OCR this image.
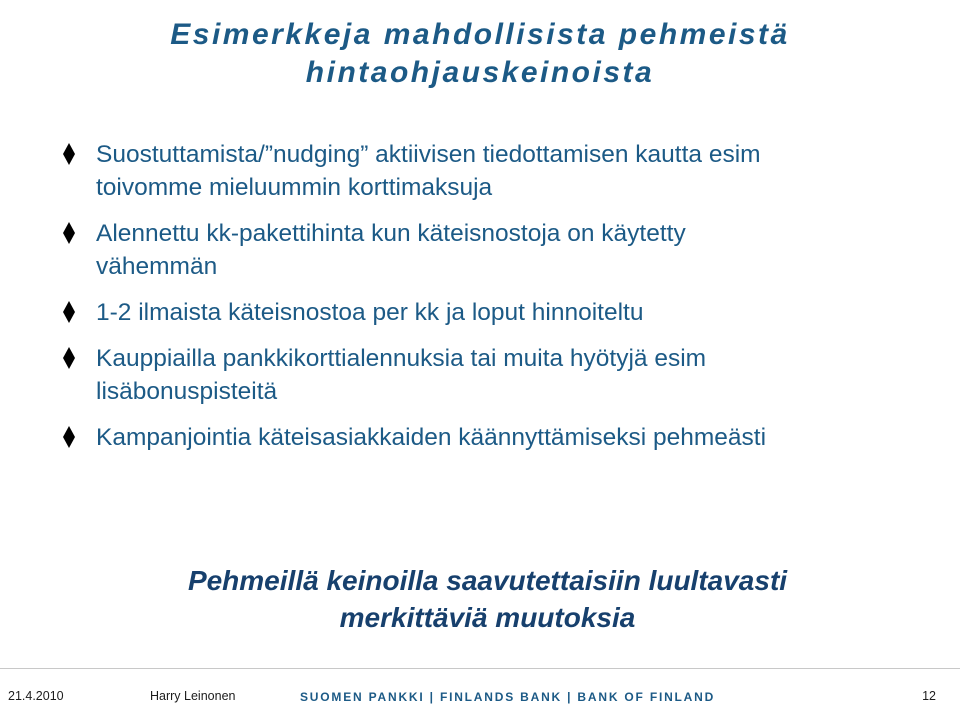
Esimerkkeja mahdollisista pehmeistä
hintaohjauskeinoista
Suostuttamista/”nudging” aktiivisen tiedottamisen kautta esim
toivomme mieluummin korttimaksuja
Alennettu kk-pakettihinta kun käteisnostoja on käytetty
vähemmän
1-2 ilmaista käteisnostoa per kk ja loput hinnoiteltu
Kauppiailla pankkikorttialennuksia tai muita hyötyjä esim
lisäbonuspisteitä
Kampanjointia käteisasiakkaiden käännyttämiseksi pehmeästi
Pehmeillä keinoilla saavutettaisiin luultavasti
merkittäviä muutoksia
21.4.2010	Harry Leinonen	SUOMEN PANKKI | FINLANDS BANK | BANK OF FINLAND	12
